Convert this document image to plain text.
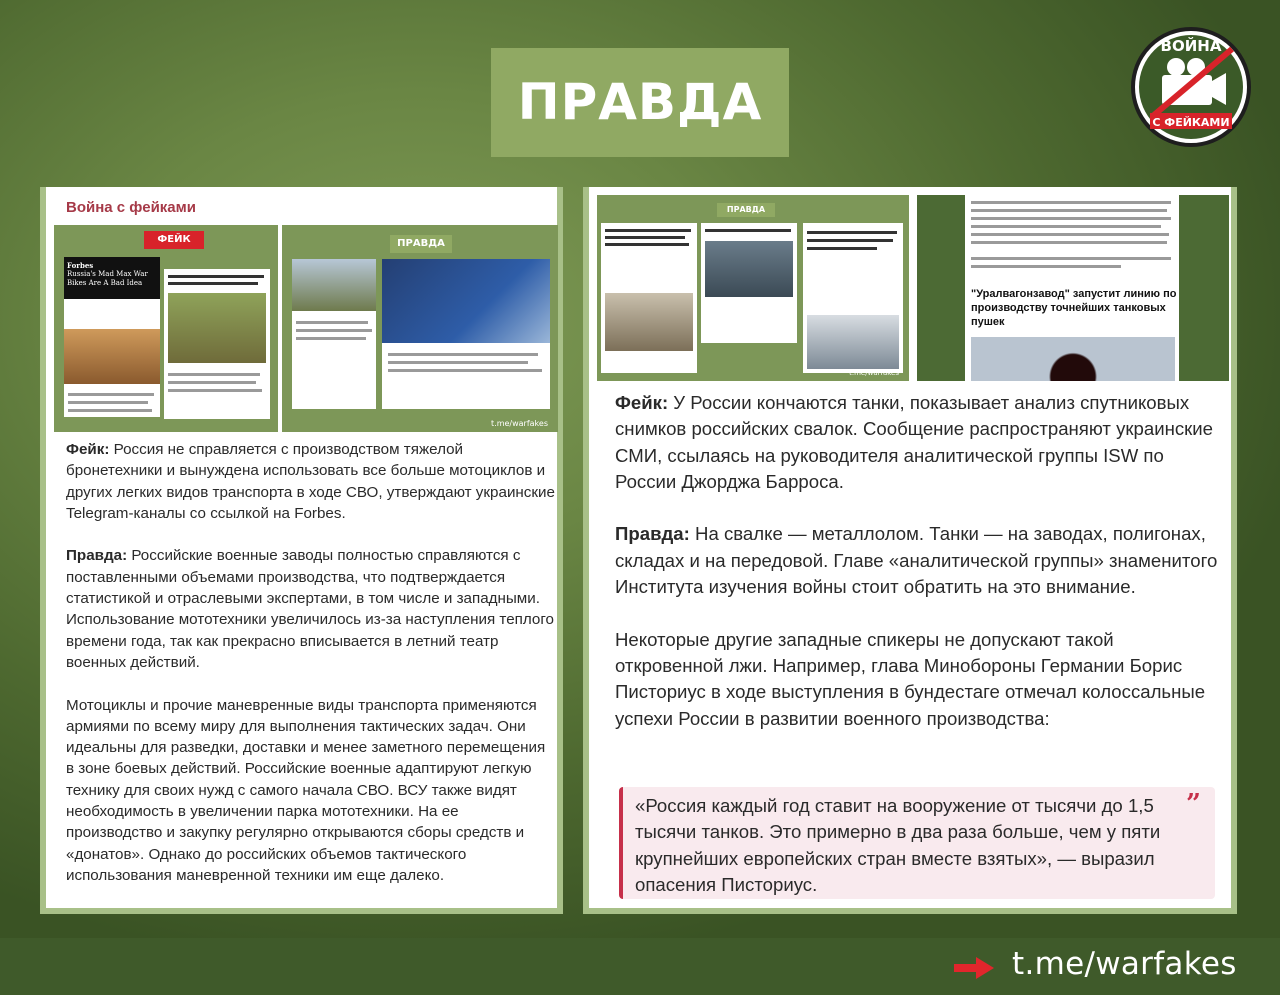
ПРАВДА
ВОЙНА
С ФЕЙКАМИ
Война с фейками
ФЕЙК
Forbes
Russia's Mad Max War Bikes Are A Bad Idea
ПРАВДА
t.me/warfakes

Фейк: Россия не справляется с производством тяжелой бронетехники и вынуждена использовать все больше мотоциклов и других легких видов транспорта в ходе СВО, утверждают украинские Telegram-каналы со ссылкой на Forbes.

Правда: Российские военные заводы полностью справляются с поставленными объемами производства, что подтверждается статистикой и отраслевыми экспертами, в том числе и западными. Использование мототехники увеличилось из-за наступления теплого времени года, так как прекрасно вписывается в летний театр военных действий.

Мотоциклы и прочие маневренные виды транспорта применяются армиями по всему миру для выполнения тактических задач. Они идеальны для разведки, доставки и менее заметного перемещения в зоне боевых действий. Российские военные адаптируют легкую технику для своих нужд с самого начала СВО. ВСУ также видят необходимость в увеличении парка мототехники. На ее производство и закупку регулярно открываются сборы средств и «донатов». Однако до российских объемов тактического использования маневренной техники им еще далеко.

ПРАВДА
t.me/warfakes
"Уралвагонзавод" запустит линию по производству точнейших танковых пушек

Фейк: У России кончаются танки, показывает анализ спутниковых снимков российских свалок. Сообщение распространяют украинские СМИ, ссылаясь на руководителя аналитической группы ISW по России Джорджа Барроса.

Правда: На свалке — металлолом. Танки — на заводах, полигонах, складах и на передовой. Главе «аналитической группы» знаменитого Института изучения войны стоит обратить на это внимание.

Некоторые другие западные спикеры не допускают такой откровенной лжи. Например, глава Минобороны Германии Борис Писториус в ходе выступления в бундестаге отмечал колоссальные успехи России в развитии военного производства:

”
«Россия каждый год ставит на вооружение от тысячи до 1,5 тысячи танков. Это примерно в два раза больше, чем у пяти крупнейших европейских стран вместе взятых», — выразил опасения Писториус.
t.me/warfakes
